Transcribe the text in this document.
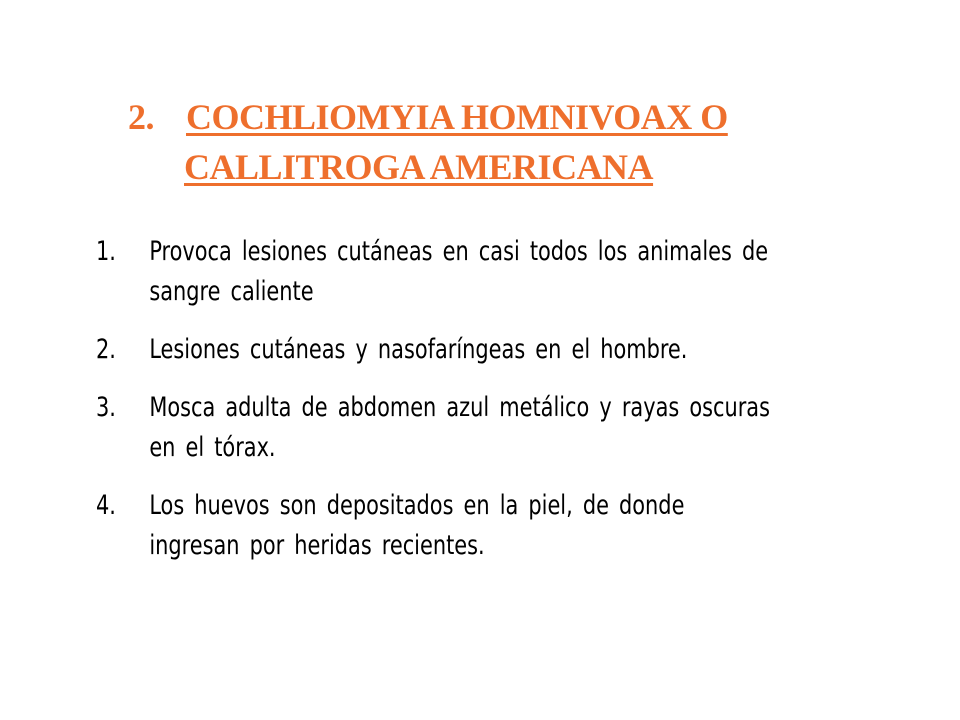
2. COCHLIOMYIA HOMNIVOAX O
CALLITROGA AMERICANA
1.	Provoca lesiones cutáneas en casi todos los animales de sangre caliente
2.	Lesiones cutáneas y nasofaríngeas en el hombre.
3.	Mosca adulta de abdomen azul metálico y rayas oscuras en el tórax.
4.	Los huevos son depositados en la piel, de donde ingresan por heridas recientes.
